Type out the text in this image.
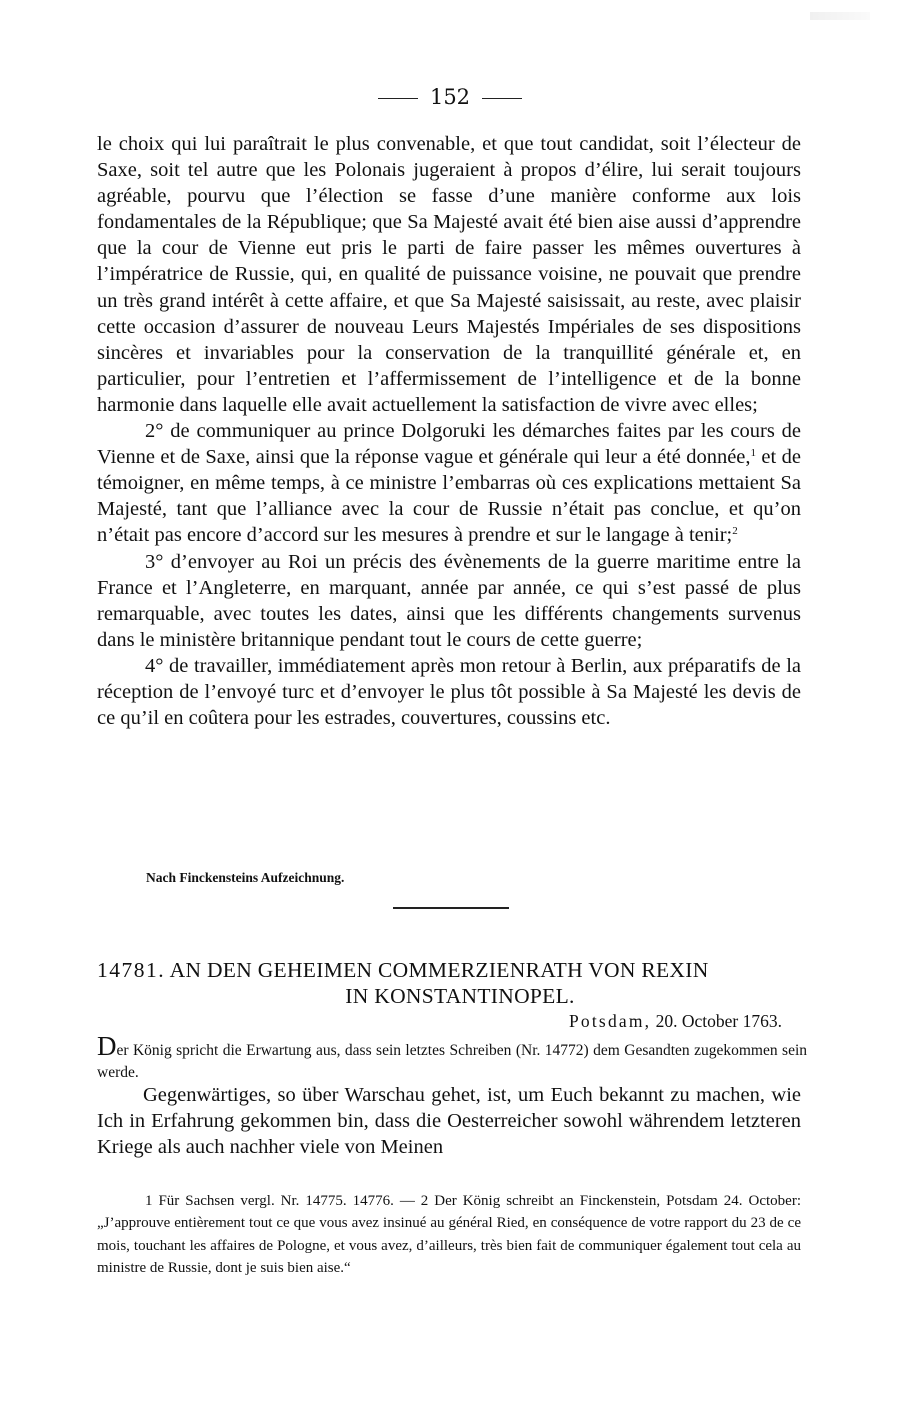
152

le choix qui lui paraîtrait le plus convenable, et que tout candidat, soit l’électeur de Saxe, soit tel autre que les Polonais jugeraient à propos d’élire, lui serait toujours agréable, pourvu que l’élection se fasse d’une manière conforme aux lois fondamentales de la République; que Sa Majesté avait été bien aise aussi d’apprendre que la cour de Vienne eut pris le parti de faire passer les mêmes ouvertures à l’impératrice de Russie, qui, en qualité de puissance voisine, ne pouvait que prendre un très grand intérêt à cette affaire, et que Sa Majesté saisissait, au reste, avec plaisir cette occasion d’assurer de nouveau Leurs Majestés Impériales de ses dispositions sincères et invariables pour la conservation de la tranquillité générale et, en particulier, pour l’entretien et l’affermissement de l’intelligence et de la bonne harmonie dans laquelle elle avait actuellement la satisfaction de vivre avec elles;

2° de communiquer au prince Dolgoruki les démarches faites par les cours de Vienne et de Saxe, ainsi que la réponse vague et générale qui leur a été donnée,$^1$ et de témoigner, en même temps, à ce ministre l’embarras où ces explications mettaient Sa Majesté, tant que l’alliance avec la cour de Russie n’était pas conclue, et qu’on n’était pas encore d’accord sur les mesures à prendre et sur le langage à tenir;$^2$

3° d’envoyer au Roi un précis des évènements de la guerre maritime entre la France et l’Angleterre, en marquant, année par année, ce qui s’est passé de plus remarquable, avec toutes les dates, ainsi que les différents changements survenus dans le ministère britannique pendant tout le cours de cette guerre;

4° de travailler, immédiatement après mon retour à Berlin, aux préparatifs de la réception de l’envoyé turc et d’envoyer le plus tôt possible à Sa Majesté les devis de ce qu’il en coûtera pour les estrades, couvertures, coussins etc.

Nach Finckensteins Aufzeichnung.
14781. AN DEN GEHEIMEN COMMERZIENRATH VON REXIN
IN KONSTANTINOPEL.
Potsdam, 20. October 1763.
Der König spricht die Erwartung aus, dass sein letztes Schreiben (Nr. 14772) dem Gesandten zugekommen sein werde.

Gegenwärtiges, so über Warschau gehet, ist, um Euch bekannt zu machen, wie Ich in Erfahrung gekommen bin, dass die Oesterreicher sowohl währendem letzteren Kriege als auch nachher viele von Meinen

1 Für Sachsen vergl. Nr. 14775. 14776. — 2 Der König schreibt an Finckenstein, Potsdam 24. October: „J’approuve entièrement tout ce que vous avez insinué au général Ried, en conséquence de votre rapport du 23 de ce mois, touchant les affaires de Pologne, et vous avez, d’ailleurs, très bien fait de communiquer également tout cela au ministre de Russie, dont je suis bien aise.“
